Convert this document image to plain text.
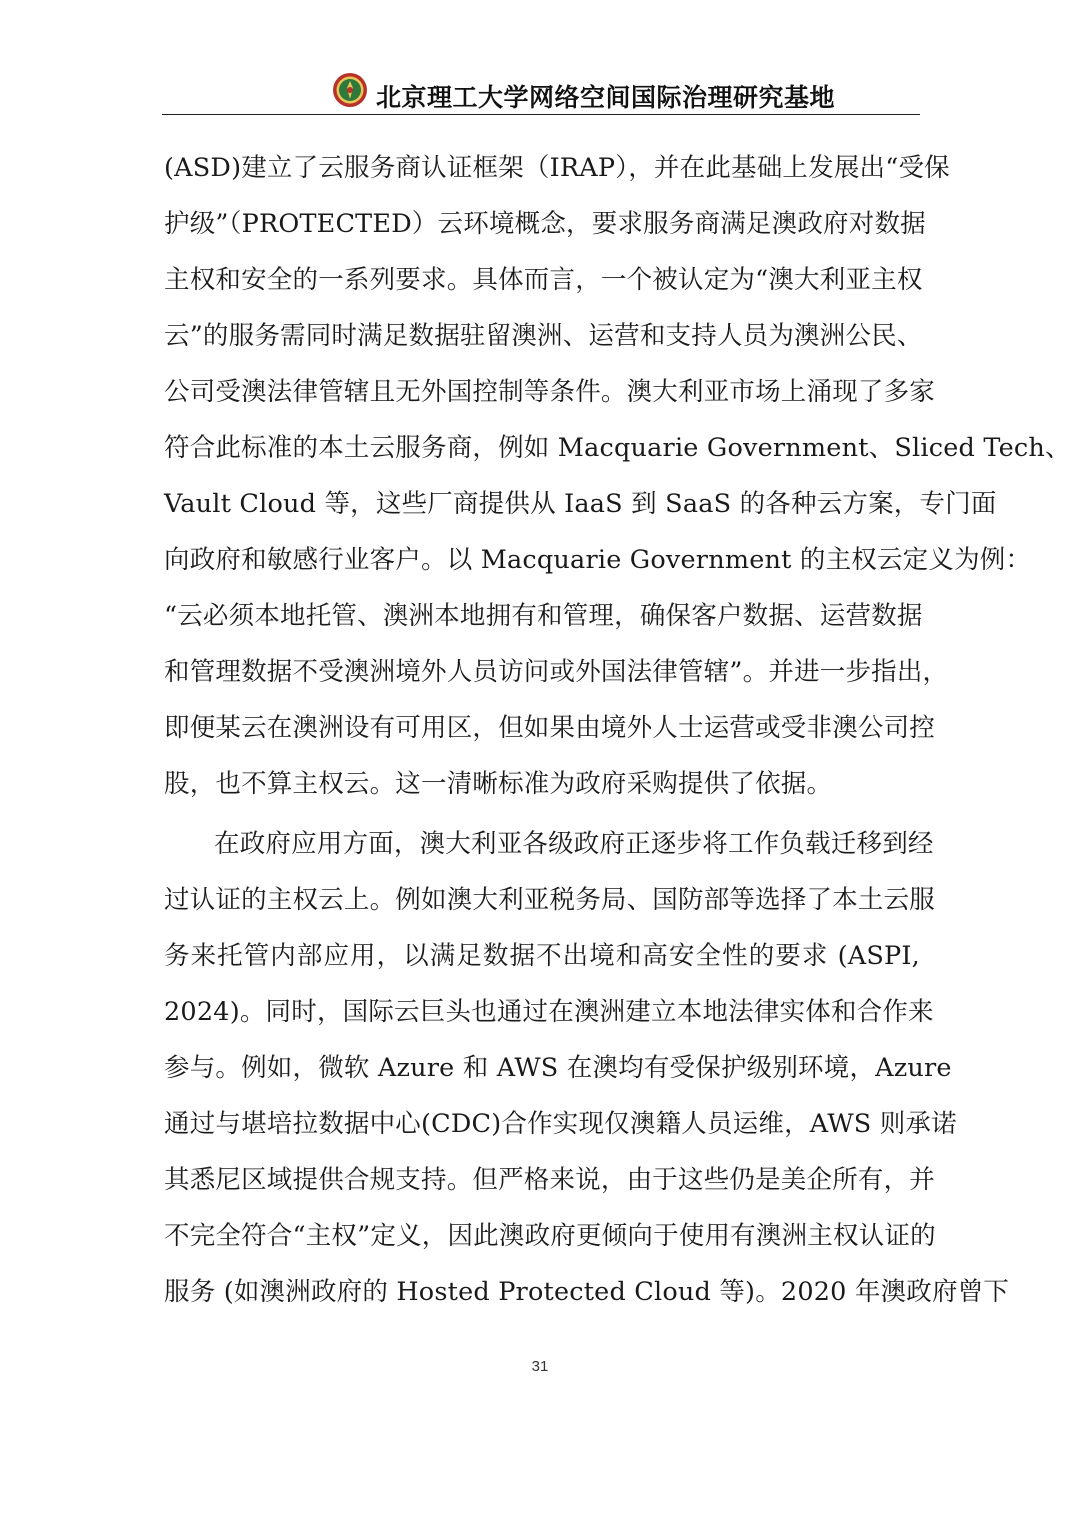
北京理工大学网络空间国际治理研究基地
(ASD)建立了云服务商认证框架（IRAP），并在此基础上发展出“受保
护级”（PROTECTED）云环境概念，要求服务商满足澳政府对数据
主权和安全的一系列要求。具体而言，一个被认定为“澳大利亚主权
云”的服务需同时满足数据驻留澳洲、运营和支持人员为澳洲公民、
公司受澳法律管辖且无外国控制等条件。澳大利亚市场上涌现了多家
符合此标准的本土云服务商，例如 Macquarie Government、Sliced Tech、
Vault Cloud 等，这些厂商提供从 IaaS 到 SaaS 的各种云方案，专门面
向政府和敏感行业客户。以 Macquarie Government 的主权云定义为例：
“云必须本地托管、澳洲本地拥有和管理，确保客户数据、运营数据
和管理数据不受澳洲境外人员访问或外国法律管辖”。并进一步指出，
即便某云在澳洲设有可用区，但如果由境外人士运营或受非澳公司控
股，也不算主权云。这一清晰标准为政府采购提供了依据。
在政府应用方面，澳大利亚各级政府正逐步将工作负载迁移到经
过认证的主权云上。例如澳大利亚税务局、国防部等选择了本土云服
务来托管内部应用，以满足数据不出境和高安全性的要求 (ASPI,
2024)。同时，国际云巨头也通过在澳洲建立本地法律实体和合作来
参与。例如，微软 Azure 和 AWS 在澳均有受保护级别环境，Azure
通过与堪培拉数据中心(CDC)合作实现仅澳籍人员运维，AWS 则承诺
其悉尼区域提供合规支持。但严格来说，由于这些仍是美企所有，并
不完全符合“主权”定义，因此澳政府更倾向于使用有澳洲主权认证的
服务 (如澳洲政府的 Hosted Protected Cloud 等)。2020 年澳政府曾下
31
